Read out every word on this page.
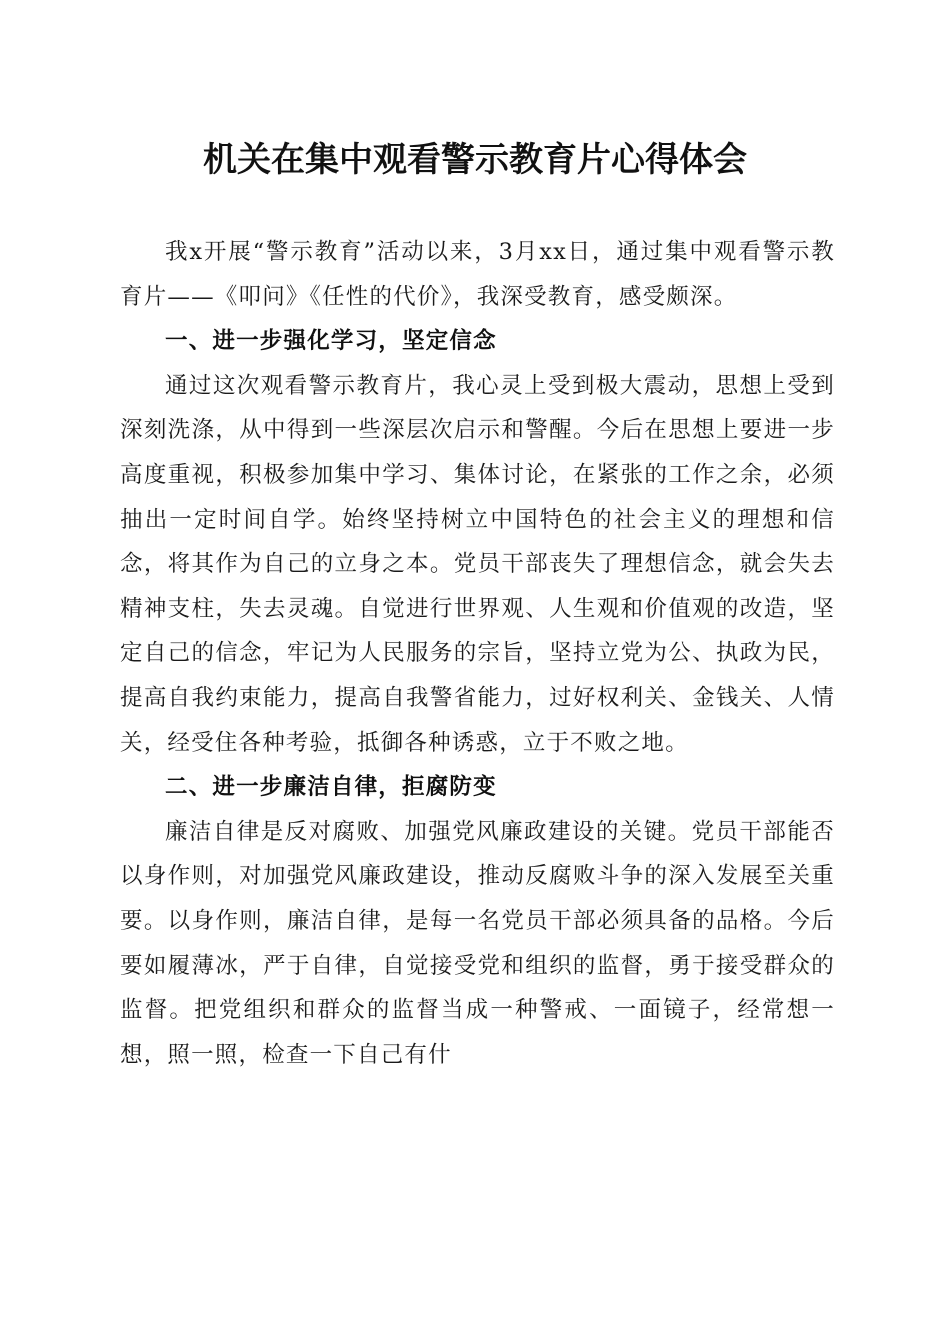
机关在集中观看警示教育片心得体会

我x开展“警示教育”活动以来，3月xx日，通过集中观看警示教育片——《叩问》《任性的代价》，我深受教育，感受颇深。

一、进一步强化学习，坚定信念

通过这次观看警示教育片，我心灵上受到极大震动，思想上受到深刻洗涤，从中得到一些深层次启示和警醒。今后在思想上要进一步高度重视，积极参加集中学习、集体讨论，在紧张的工作之余，必须抽出一定时间自学。始终坚持树立中国特色的社会主义的理想和信念，将其作为自己的立身之本。党员干部丧失了理想信念，就会失去精神支柱，失去灵魂。自觉进行世界观、人生观和价值观的改造，坚定自己的信念，牢记为人民服务的宗旨，坚持立党为公、执政为民，提高自我约束能力，提高自我警省能力，过好权利关、金钱关、人情关，经受住各种考验，抵御各种诱惑，立于不败之地。

二、进一步廉洁自律，拒腐防变

廉洁自律是反对腐败、加强党风廉政建设的关键。党员干部能否以身作则，对加强党风廉政建设，推动反腐败斗争的深入发展至关重要。以身作则，廉洁自律，是每一名党员干部必须具备的品格。今后要如履薄冰，严于自律，自觉接受党和组织的监督，勇于接受群众的监督。把党组织和群众的监督当成一种警戒、一面镜子，经常想一想，照一照，检查一下自己有什
